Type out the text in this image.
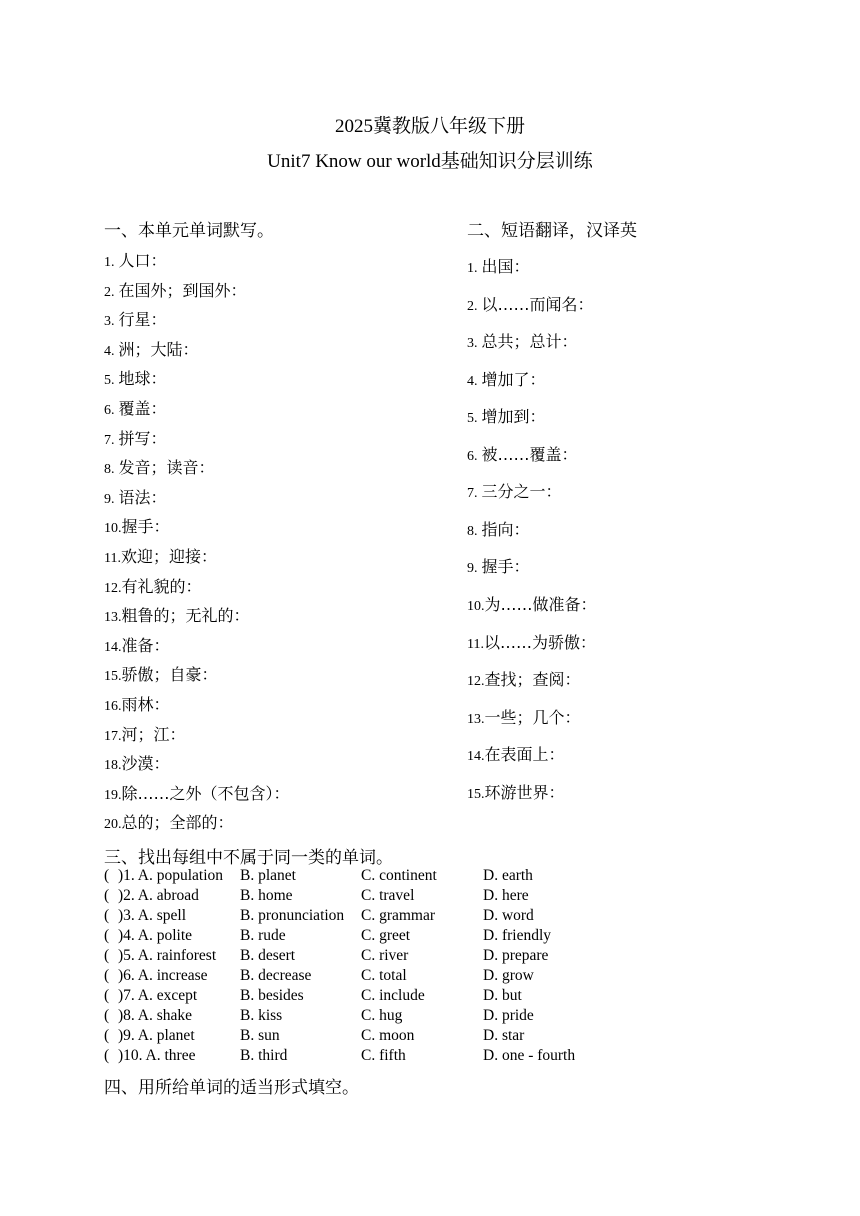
2025冀教版八年级下册
Unit7 Know our world基础知识分层训练
一、本单元单词默写。
1. 人口：
2. 在国外；到国外：
3. 行星：
4. 洲；大陆：
5. 地球：
6. 覆盖：
7. 拼写：
8. 发音；读音：
9. 语法：
10.握手：
11.欢迎；迎接：
12.有礼貌的：
13.粗鲁的；无礼的：
14.准备：
15.骄傲；自豪：
16.雨林：
17.河；江：
18.沙漠：
19.除……之外（不包含）：
20.总的；全部的：
二、短语翻译，汉译英
1. 出国：
2. 以……而闻名：
3. 总共；总计：
4. 增加了：
5. 增加到：
6. 被……覆盖：
7. 三分之一：
8. 指向：
9. 握手：
10.为……做准备：
11.以……为骄傲：
12.查找；查阅：
13.一些；几个：
14.在表面上：
15.环游世界：
三、找出每组中不属于同一类的单词。
( )1. A. population B. planet	C. continent	D. earth
( )2. A. abroad	B. home	C. travel	D. here
( )3. A. spell	B. pronunciation C. grammar	D. word
( )4. A. polite	B. rude	C. greet	D. friendly
( )5. A. rainforest B. desert	C. river	D. prepare
( )6. A. increase B. decrease	C. total	D. grow
( )7. A. except	B. besides	C. include	D. but
( )8. A. shake	B. kiss	C. hug	D. pride
( )9. A. planet	B. sun	C. moon	D. star
( )10. A. three	B. third	C. fifth	D. one - fourth
四、用所给单词的适当形式填空。
